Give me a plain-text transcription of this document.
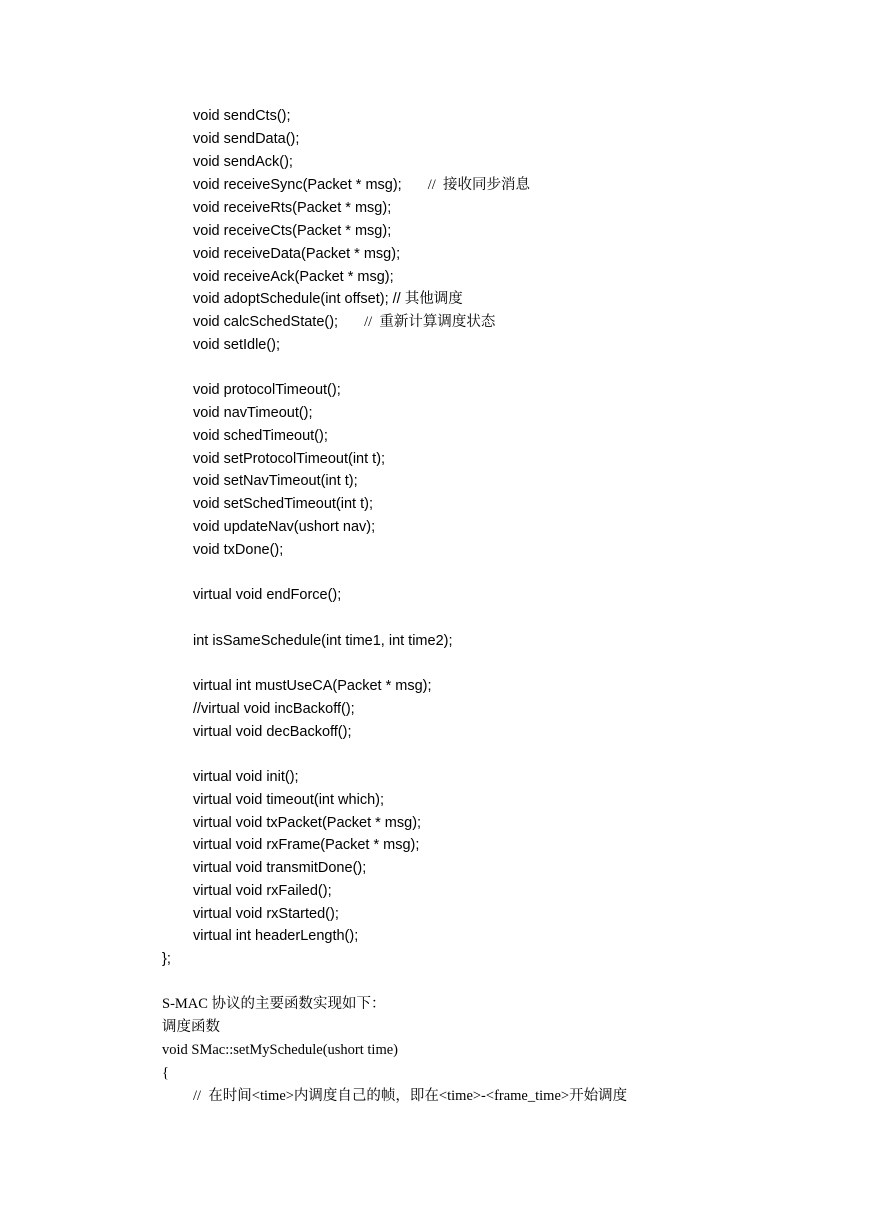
void sendCts();
void sendData();
void sendAck();
void receiveSync(Packet * msg); //  接收同步消息
void receiveRts(Packet * msg);
void receiveCts(Packet * msg);
void receiveData(Packet * msg);
void receiveAck(Packet * msg);
void adoptSchedule(int offset); // 其他调度
void calcSchedState(); //  重新计算调度状态
void setIdle();
void protocolTimeout();
void navTimeout();
void schedTimeout();
void setProtocolTimeout(int t);
void setNavTimeout(int t);
void setSchedTimeout(int t);
void updateNav(ushort nav);
void txDone();
virtual void endForce();
int isSameSchedule(int time1, int time2);
virtual int mustUseCA(Packet * msg);
//virtual void incBackoff();
virtual void decBackoff();
virtual void init();
virtual void timeout(int which);
virtual void txPacket(Packet * msg);
virtual void rxFrame(Packet * msg);
virtual void transmitDone();
virtual void rxFailed();
virtual void rxStarted();
virtual int headerLength();
};
S-MAC 协议的主要函数实现如下：
调度函数
void SMac::setMySchedule(ushort time)
{
//  在时间<time>内调度自己的帧，即在<time>-<frame_time>开始调度
